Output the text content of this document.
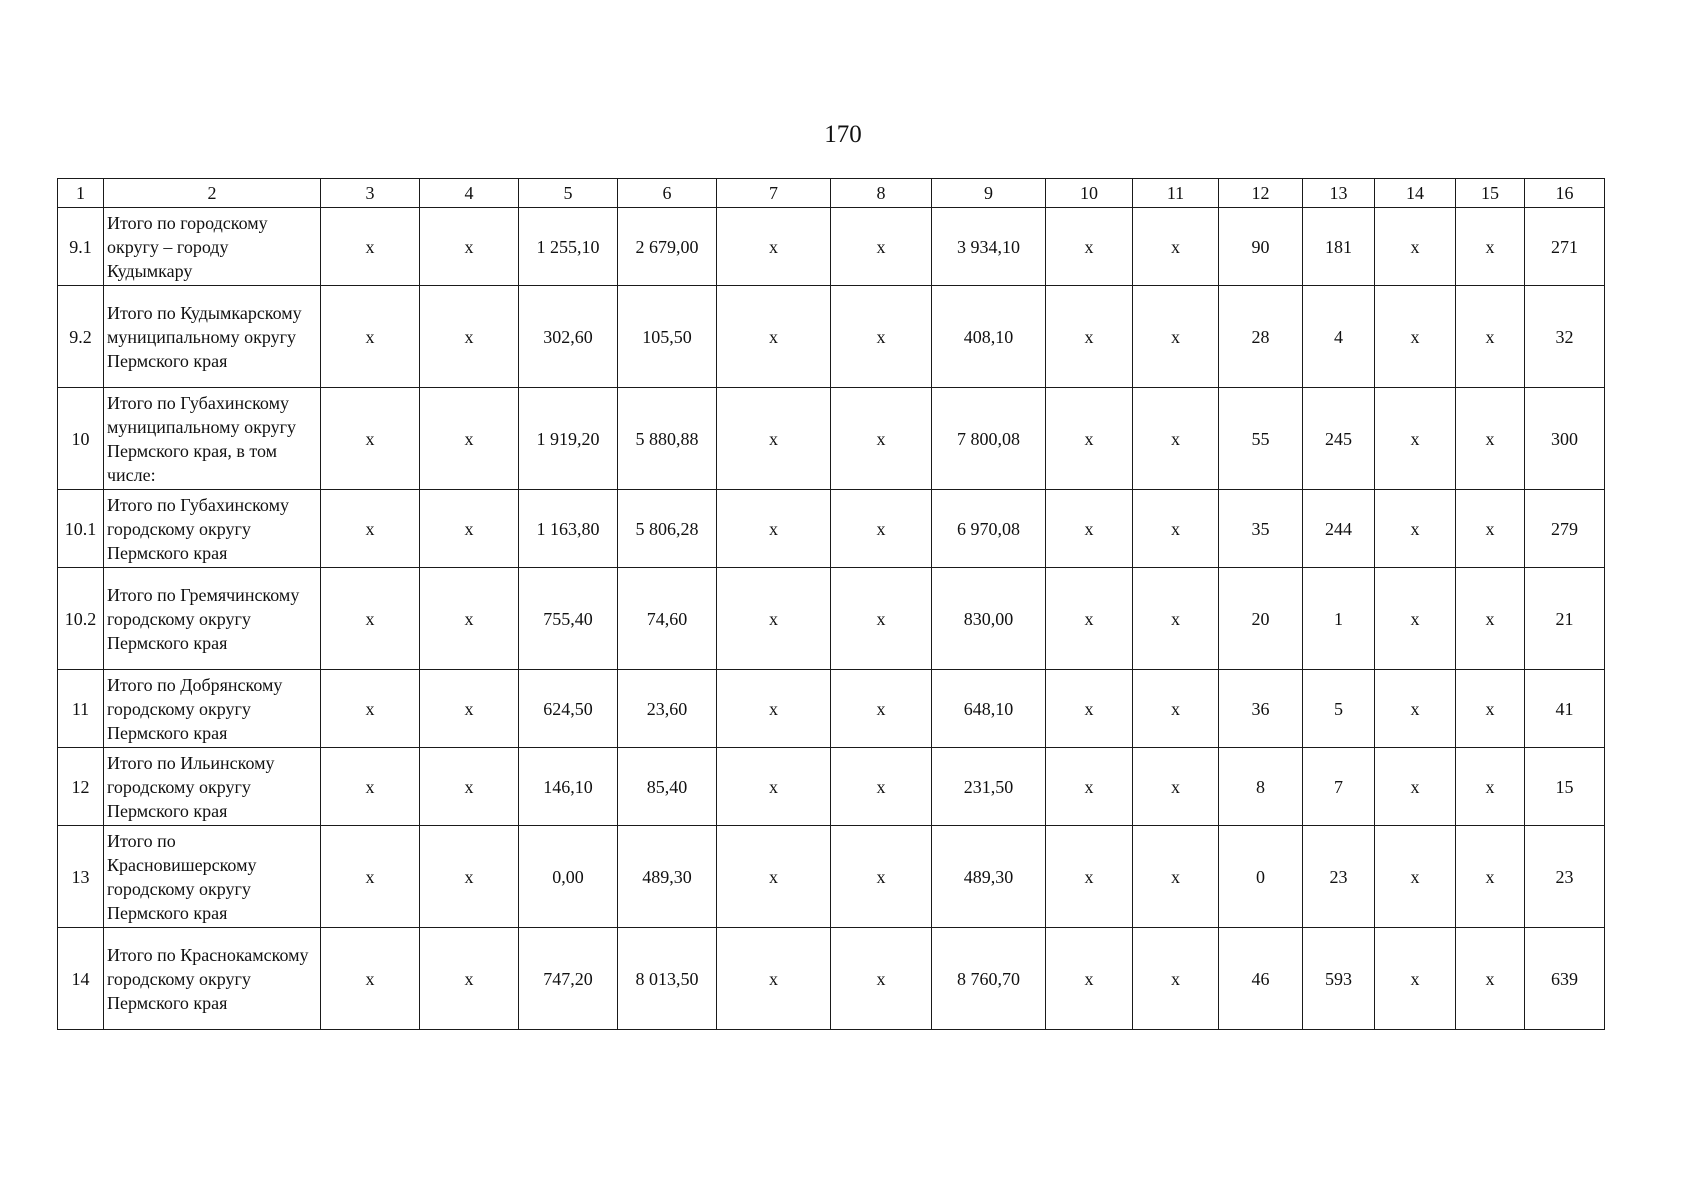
170
1	2	3	4	5	6	7	8	9	10	11	12	13	14	15	16
9.1	Итого по городскому округу – городу Кудымкару	x	x	1 255,10	2 679,00	x	x	3 934,10	x	x	90	181	x	x	271
9.2	Итого по Кудымкарскому муниципальному округу Пермского края	x	x	302,60	105,50	x	x	408,10	x	x	28	4	x	x	32
10	Итого по Губахинскому муниципальному округу Пермского края, в том числе:	x	x	1 919,20	5 880,88	x	x	7 800,08	x	x	55	245	x	x	300
10.1	Итого по Губахинскому городскому округу Пермского края	x	x	1 163,80	5 806,28	x	x	6 970,08	x	x	35	244	x	x	279
10.2	Итого по Гремячинскому городскому округу Пермского края	x	x	755,40	74,60	x	x	830,00	x	x	20	1	x	x	21
11	Итого по Добрянскому городскому округу Пермского края	x	x	624,50	23,60	x	x	648,10	x	x	36	5	x	x	41
12	Итого по Ильинскому городскому округу Пермского края	x	x	146,10	85,40	x	x	231,50	x	x	8	7	x	x	15
13	Итого по Красновишерскому городскому округу Пермского края	x	x	0,00	489,30	x	x	489,30	x	x	0	23	x	x	23
14	Итого по Краснокамскому городскому округу Пермского края	x	x	747,20	8 013,50	x	x	8 760,70	x	x	46	593	x	x	639
